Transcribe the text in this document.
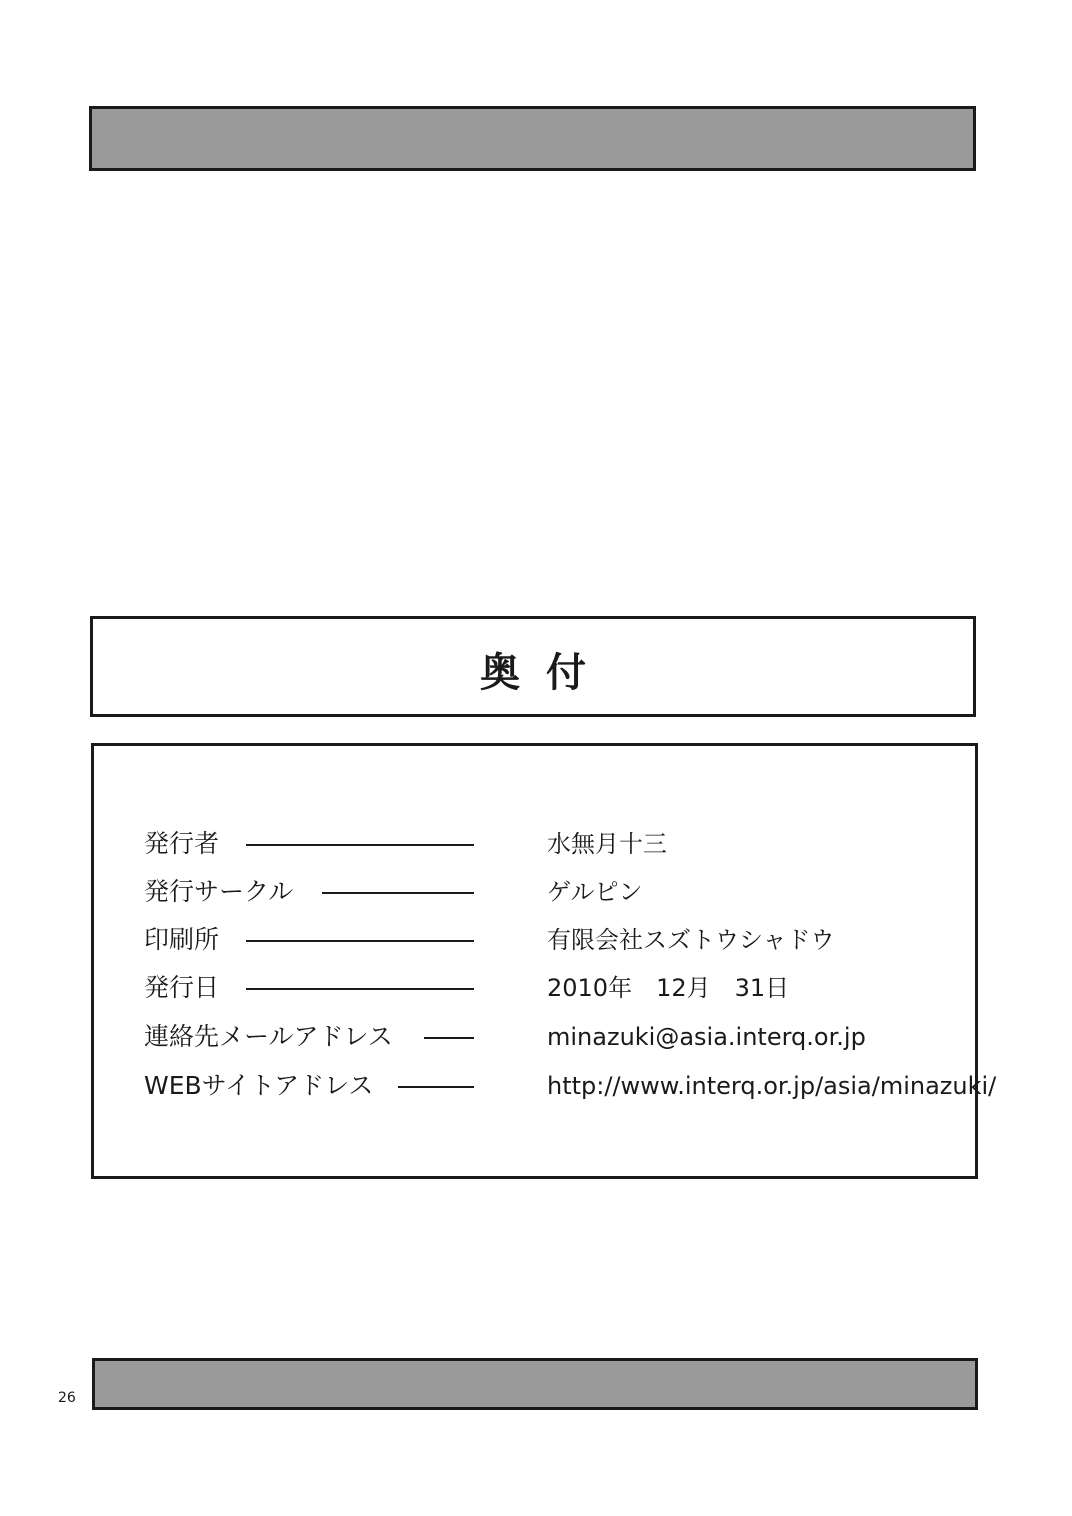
奥付
発行者	水無月十三
発行サークル	ゲルピン
印刷所	有限会社スズトウシャドウ
発行日	2010年　12月　31日
連絡先メールアドレス	minazuki@asia.interq.or.jp
WEBサイトアドレス	http://www.interq.or.jp/asia/minazuki/
26
